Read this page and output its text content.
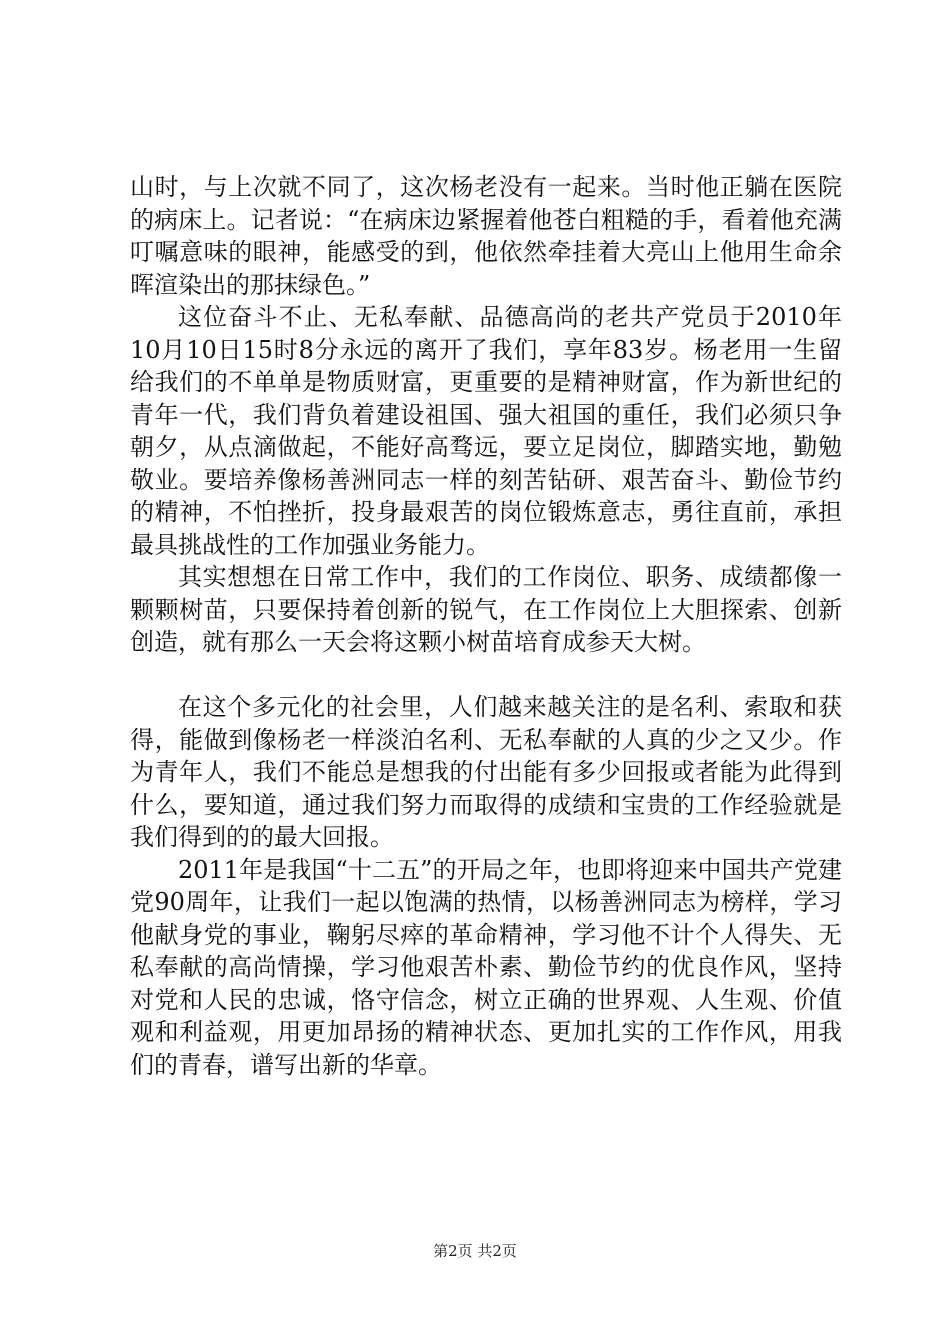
山时，与上次就不同了，这次杨老没有一起来。当时他正躺在医院的病床上。记者说：“在病床边紧握着他苍白粗糙的手，看着他充满叮嘱意味的眼神，能感受的到，他依然牵挂着大亮山上他用生命余晖渲染出的那抹绿色。”

这位奋斗不止、无私奉献、品德高尚的老共产党员于2010年10月10日15时8分永远的离开了我们，享年83岁。杨老用一生留给我们的不单单是物质财富，更重要的是精神财富，作为新世纪的青年一代，我们背负着建设祖国、强大祖国的重任，我们必须只争朝夕，从点滴做起，不能好高骛远，要立足岗位，脚踏实地，勤勉敬业。要培养像杨善洲同志一样的刻苦钻研、艰苦奋斗、勤俭节约的精神，不怕挫折，投身最艰苦的岗位锻炼意志，勇往直前，承担最具挑战性的工作加强业务能力。

其实想想在日常工作中，我们的工作岗位、职务、成绩都像一颗颗树苗，只要保持着创新的锐气，在工作岗位上大胆探索、创新创造，就有那么一天会将这颗小树苗培育成参天大树。

在这个多元化的社会里，人们越来越关注的是名利、索取和获得，能做到像杨老一样淡泊名利、无私奉献的人真的少之又少。作为青年人，我们不能总是想我的付出能有多少回报或者能为此得到什么，要知道，通过我们努力而取得的成绩和宝贵的工作经验就是我们得到的的最大回报。

2011年是我国“十二五”的开局之年，也即将迎来中国共产党建党90周年，让我们一起以饱满的热情，以杨善洲同志为榜样，学习他献身党的事业，鞠躬尽瘁的革命精神，学习他不计个人得失、无私奉献的高尚情操，学习他艰苦朴素、勤俭节约的优良作风，坚持对党和人民的忠诚，恪守信念，树立正确的世界观、人生观、价值观和利益观，用更加昂扬的精神状态、更加扎实的工作作风，用我们的青春，谱写出新的华章。

第2页 共2页
